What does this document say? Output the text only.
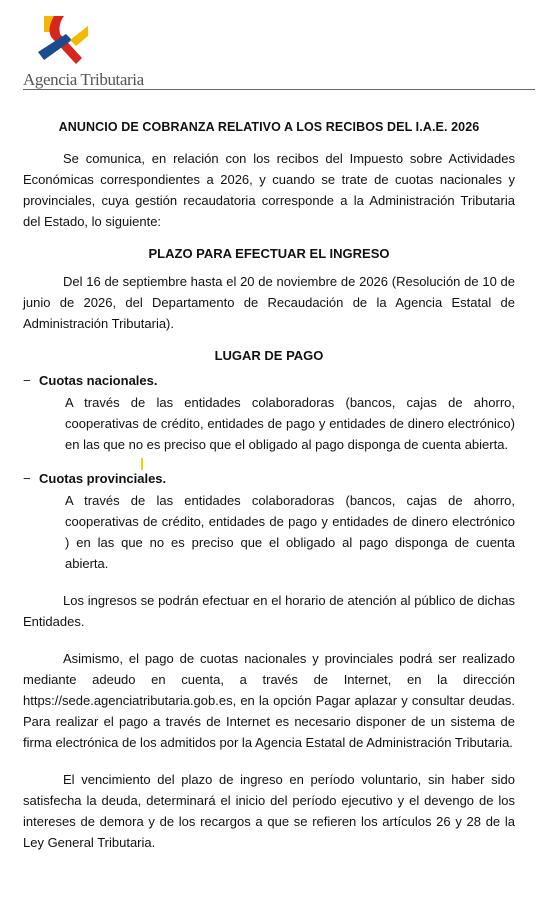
Agencia Tributaria
ANUNCIO DE COBRANZA RELATIVO A LOS RECIBOS DEL I.A.E. 2026

Se comunica, en relación con los recibos del Impuesto sobre Actividades Económicas correspondientes a 2026, y cuando se trate de cuotas nacionales y provinciales, cuya gestión recaudatoria corresponde a la Administración Tributaria del Estado, lo siguiente:

PLAZO PARA EFECTUAR EL INGRESO

Del 16 de septiembre hasta el 20 de noviembre de 2026 (Resolución de 10 de junio de 2026, del Departamento de Recaudación de la Agencia Estatal de Administración Tributaria).

LUGAR DE PAGO
− Cuotas nacionales.
A través de las entidades colaboradoras (bancos, cajas de ahorro, cooperativas de crédito, entidades de pago y entidades de dinero electrónico) en las que no es preciso que el obligado al pago disponga de cuenta abierta.
− Cuotas provinciales.
A través de las entidades colaboradoras (bancos, cajas de ahorro, cooperativas de crédito, entidades de pago y entidades de dinero electrónico ) en las que no es preciso que el obligado al pago disponga de cuenta abierta.

Los ingresos se podrán efectuar en el horario de atención al público de dichas Entidades.

Asimismo, el pago de cuotas nacionales y provinciales podrá ser realizado mediante adeudo en cuenta, a través de Internet, en la dirección https://sede.agenciatributaria.gob.es, en la opción Pagar aplazar y consultar deudas. Para realizar el pago a través de Internet es necesario disponer de un sistema de firma electrónica de los admitidos por la Agencia Estatal de Administración Tributaria.

El vencimiento del plazo de ingreso en período voluntario, sin haber sido satisfecha la deuda, determinará el inicio del período ejecutivo y el devengo de los intereses de demora y de los recargos a que se refieren los artículos 26 y 28 de la Ley General Tributaria.
